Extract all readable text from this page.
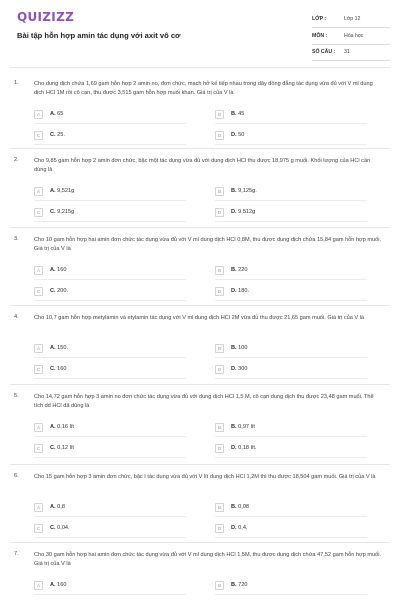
QUIZIZZ
Bài tập hỗn hợp amin tác dụng với axit vô cơ
LỚP :	Lớp 12
MÔN :	Hóa học
SỐ CÂU : 31
1.	Cho dung dịch chứa 1,69 gam hỗn hợp 2 amin no, đơn chức, mạch hở kế tiếp nhau trong dãy đồng đẳng tác dụng vừa đủ với V ml dung dịch HCl 1M rồi cô cạn, thu được 3,515 gam hỗn hợp muối khan. Giá trị của V là
A	A. 65	B	B. 45
C	C. 25.	D	D. 50
2.	Cho 9,85 gam hỗn hợp 2 amin đơn chức, bậc một tác dụng vừa đủ với dung dịch HCl thu được 18,975 g muối. Khối lượng của HCl cần dùng là
A	A. 9,521g	B	B. 9,125g.
C	C. 9,215g	D	D. 9,512g
3.	Cho 10 gam hỗn hợp hai amin đơn chức tác dụng vừa đủ với V ml dung dịch HCl 0,8M, thu được dung dịch chứa 15,84 gam hỗn hợp muối. Giá trị của V là
A	A. 160	B	B. 220
C	C. 200.	D	D. 180.
4.	Cho 10,7 gam hỗn hợp metylamin và etylamin tác dụng với V ml dung dịch HCl 2M vừa đủ thu được 21,65 gam muối. Giá trị của V là
A	A. 150.	B	B. 100
C	C. 160	D	D. 300
5.	Cho 14,72 gam hỗn hợp 3 amin no đơn chức tác dụng vừa đủ với dung dịch HCl 1,5 M, cô cạn dung dịch thu được 23,48 gam muối. Thể tích dd HCl đã dùng là
A	A. 0,16 lít	B	B. 0,97 lít
C	C. 0,12 lít	D	D. 0,18 lít.
6.	Cho 15 gam hỗn hợp 3 amin đơn chức, bậc I tác dụng vừa đủ với V lít dung dịch HCl 1,2M thì thu được 18,504 gam muối. Giá trị của V là
A	A. 0,8	B	B. 0,08
C	C. 0,04.	D	D. 0,4.
7.	Cho 30 gam hỗn hợp hai amin đơn chức tác dụng vừa đủ với V ml dung dịch HCl 1,5M, thu được dung dịch chứa 47,52 gam hỗn hợp muối. Giá trị của V là
A	A. 160	B	B. 720
